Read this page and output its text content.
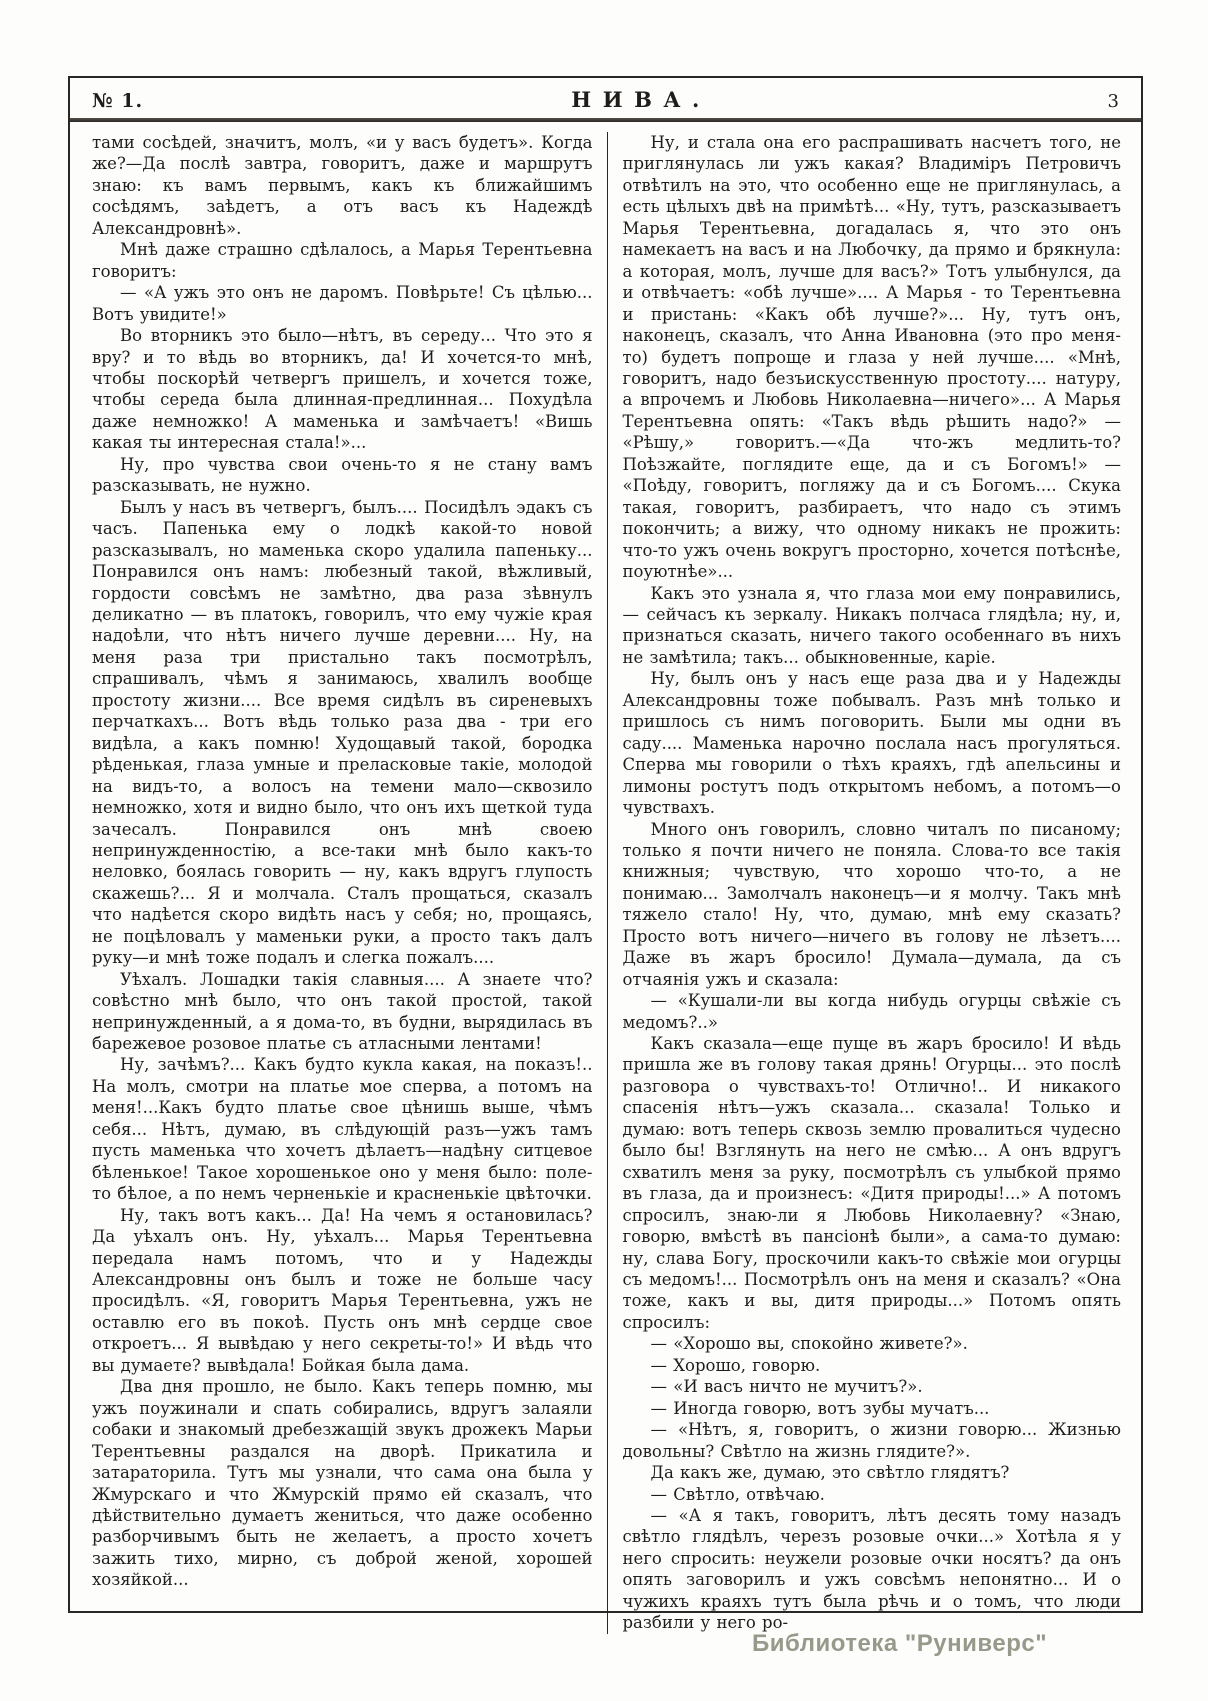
№ 1.	НИВА.	3

тами сосѣдей, значитъ, молъ, «и у васъ будетъ». Когда же?—Да послѣ завтра, говоритъ, даже и маршрутъ знаю: къ вамъ первымъ, какъ къ ближайшимъ сосѣдямъ, заѣдетъ, а отъ васъ къ Надеждѣ Александровнѣ».

Мнѣ даже страшно сдѣлалось, а Марья Терентьевна говоритъ:

— «А ужъ это онъ не даромъ. Повѣрьте! Съ цѣлью... Вотъ увидите!»

Во вторникъ это было—нѣтъ, въ середу... Что это я вру? и то вѣдь во вторникъ, да! И хочется-то мнѣ, чтобы поскорѣй четвергъ пришелъ, и хочется тоже, чтобы середа была длинная-предлинная... Похудѣла даже немножко! А маменька и замѣчаетъ! «Вишь какая ты интересная стала!»...

Ну, про чувства свои очень-то я не стану вамъ разсказывать, не нужно.

Былъ у насъ въ четвергъ, былъ.... Посидѣлъ эдакъ съ часъ. Папенька ему о лодкѣ какой-то новой разсказывалъ, но маменька скоро удалила папеньку... Понравился онъ намъ: любезный такой, вѣжливый, гордости совсѣмъ не замѣтно, два раза зѣвнулъ деликатно — въ платокъ, говорилъ, что ему чужіе края надоѣли, что нѣтъ ничего лучше деревни.... Ну, на меня раза три пристально такъ посмотрѣлъ, спрашивалъ, чѣмъ я занимаюсь, хвалилъ вообще простоту жизни.... Все время сидѣлъ въ сиреневыхъ перчаткахъ... Вотъ вѣдь только раза два - три его видѣла, а какъ помню! Худощавый такой, бородка рѣденькая, глаза умные и преласковые такіе, молодой на видъ-то, а волосъ на темени мало—сквозило немножко, хотя и видно было, что онъ ихъ щеткой туда зачесалъ. Понравился онъ мнѣ своею непринужденностію, а все-таки мнѣ было какъ-то неловко, боялась говорить — ну, какъ вдругъ глупость скажешь?... Я и молчала. Сталъ прощаться, сказалъ что надѣется скоро видѣть насъ у себя; но, прощаясь, не поцѣловалъ у маменьки руки, а просто такъ далъ руку—и мнѣ тоже подалъ и слегка пожалъ....

Уѣхалъ. Лошадки такія славныя.... А знаете что? совѣстно мнѣ было, что онъ такой простой, такой непринужденный, а я дома-то, въ будни, вырядилась въ барежевое розовое платье съ атласными лентами!

Ну, зачѣмъ?... Какъ будто кукла какая, на показъ!.. На молъ, смотри на платье мое сперва, а потомъ на меня!...Какъ будто платье свое цѣнишь выше, чѣмъ себя... Нѣтъ, думаю, въ слѣдующій разъ—ужъ тамъ пусть маменька что хочетъ дѣлаетъ—надѣну ситцевое бѣленькое! Такое хорошенькое оно у меня было: поле-то бѣлое, а по немъ черненькіе и красненькіе цвѣточки.

Ну, такъ вотъ какъ... Да! На чемъ я остановилась? Да уѣхалъ онъ. Ну, уѣхалъ... Марья Терентьевна передала намъ потомъ, что и у Надежды Александровны онъ былъ и тоже не больше часу просидѣлъ. «Я, говоритъ Марья Терентьевна, ужъ не оставлю его въ покоѣ. Пусть онъ мнѣ сердце свое откроетъ... Я вывѣдаю у него секреты-то!» И вѣдь что вы думаете? вывѣдала! Бойкая была дама.

Два дня прошло, не было. Какъ теперь помню, мы ужъ поужинали и спать собирались, вдругъ залаяли собаки и знакомый дребезжащій звукъ дрожекъ Марьи Терентьевны раздался на дворѣ. Прикатила и затараторила. Тутъ мы узнали, что сама она была у Жмурскаго и что Жмурскій прямо ей сказалъ, что дѣйствительно думаетъ жениться, что даже особенно разборчивымъ быть не желаетъ, а просто хочетъ зажить тихо, мирно, съ доброй женой, хорошей хозяйкой...

Ну, и стала она его распрашивать насчетъ того, не приглянулась ли ужъ какая? Владимiръ Петровичъ отвѣтилъ на это, что особенно еще не приглянулась, а есть цѣлыхъ двѣ на примѣтѣ... «Ну, тутъ, разсказываетъ Марья Терентьевна, догадалась я, что это онъ намекаетъ на васъ и на Любочку, да прямо и брякнула: а которая, молъ, лучше для васъ?» Тотъ улыбнулся, да и отвѣчаетъ: «обѣ лучше».... А Марья - то Терентьевна и пристань: «Какъ обѣ лучше?»... Ну, тутъ онъ, наконецъ, сказалъ, что Анна Ивановна (это про меня-то) будетъ попроще и глаза у ней лучше.... «Мнѣ, говоритъ, надо безъискусственную простоту.... натуру, а впрочемъ и Любовь Николаевна—ничего»... А Марья Терентьевна опять: «Такъ вѣдь рѣшить надо?» — «Рѣшу,» говоритъ.—«Да что-жъ медлить-то? Поѣзжайте, поглядите еще, да и съ Богомъ!» — «Поѣду, говоритъ, погляжу да и съ Богомъ.... Скука такая, говоритъ, разбираетъ, что надо съ этимъ покончить; а вижу, что одному никакъ не прожить: что-то ужъ очень вокругъ просторно, хочется потѣснѣе, поуютнѣе»...

Какъ это узнала я, что глаза мои ему понравились,— сейчасъ къ зеркалу. Никакъ полчаса глядѣла; ну, и, признаться сказать, ничего такого особеннаго въ нихъ не замѣтила; такъ... обыкновенные, каріе.

Ну, былъ онъ у насъ еще раза два и у Надежды Александровны тоже побывалъ. Разъ мнѣ только и пришлось съ нимъ поговорить. Были мы одни въ саду.... Маменька нарочно послала насъ прогуляться. Сперва мы говорили о тѣхъ краяхъ, гдѣ апельсины и лимоны ростутъ подъ открытомъ небомъ, а потомъ—о чувствахъ.

Много онъ говорилъ, словно читалъ по писаному; только я почти ничего не поняла. Слова-то все такія книжныя; чувствую, что хорошо что-то, а не понимаю... Замолчалъ наконецъ—и я молчу. Такъ мнѣ тяжело стало! Ну, что, думаю, мнѣ ему сказать? Просто вотъ ничего—ничего въ голову не лѣзетъ.... Даже въ жаръ бросило! Думала—думала, да съ отчаянія ужъ и сказала:

— «Кушали-ли вы когда нибудь огурцы свѣжіе съ медомъ?..»

Какъ сказала—еще пуще въ жаръ бросило! И вѣдь пришла же въ голову такая дрянь! Огурцы... это послѣ разговора о чувствахъ-то! Отлично!.. И никакого спасенія нѣтъ—ужъ сказала... сказала! Только и думаю: вотъ теперь сквозь землю провалиться чудесно было бы! Взглянуть на него не смѣю... А онъ вдругъ схватилъ меня за руку, посмотрѣлъ съ улыбкой прямо въ глаза, да и произнесъ: «Дитя природы!...» А потомъ спросилъ, знаю-ли я Любовь Николаевну? «Знаю, говорю, вмѣстѣ въ пансіонѣ были», а сама-то думаю: ну, слава Богу, проскочили какъ-то свѣжіе мои огурцы съ медомъ!... Посмотрѣлъ онъ на меня и сказалъ? «Она тоже, какъ и вы, дитя природы...» Потомъ опять спросилъ:

— «Хорошо вы, спокойно живете?».

— Хорошо, говорю.

— «И васъ ничто не мучитъ?».

— Иногда говорю, вотъ зубы мучатъ...

— «Нѣтъ, я, говоритъ, о жизни говорю... Жизнью довольны? Свѣтло на жизнь глядите?».

Да какъ же, думаю, это свѣтло глядятъ?

— Свѣтло, отвѣчаю.

— «А я такъ, говоритъ, лѣтъ десять тому назадъ свѣтло глядѣлъ, черезъ розовые очки...» Хотѣла я у него спросить: неужели розовые очки носятъ? да онъ опять заговорилъ и ужъ совсѣмъ непонятно... И о чужихъ краяхъ тутъ была рѣчь и о томъ, что люди разбили у него ро-

Библиотека "Руниверс"
